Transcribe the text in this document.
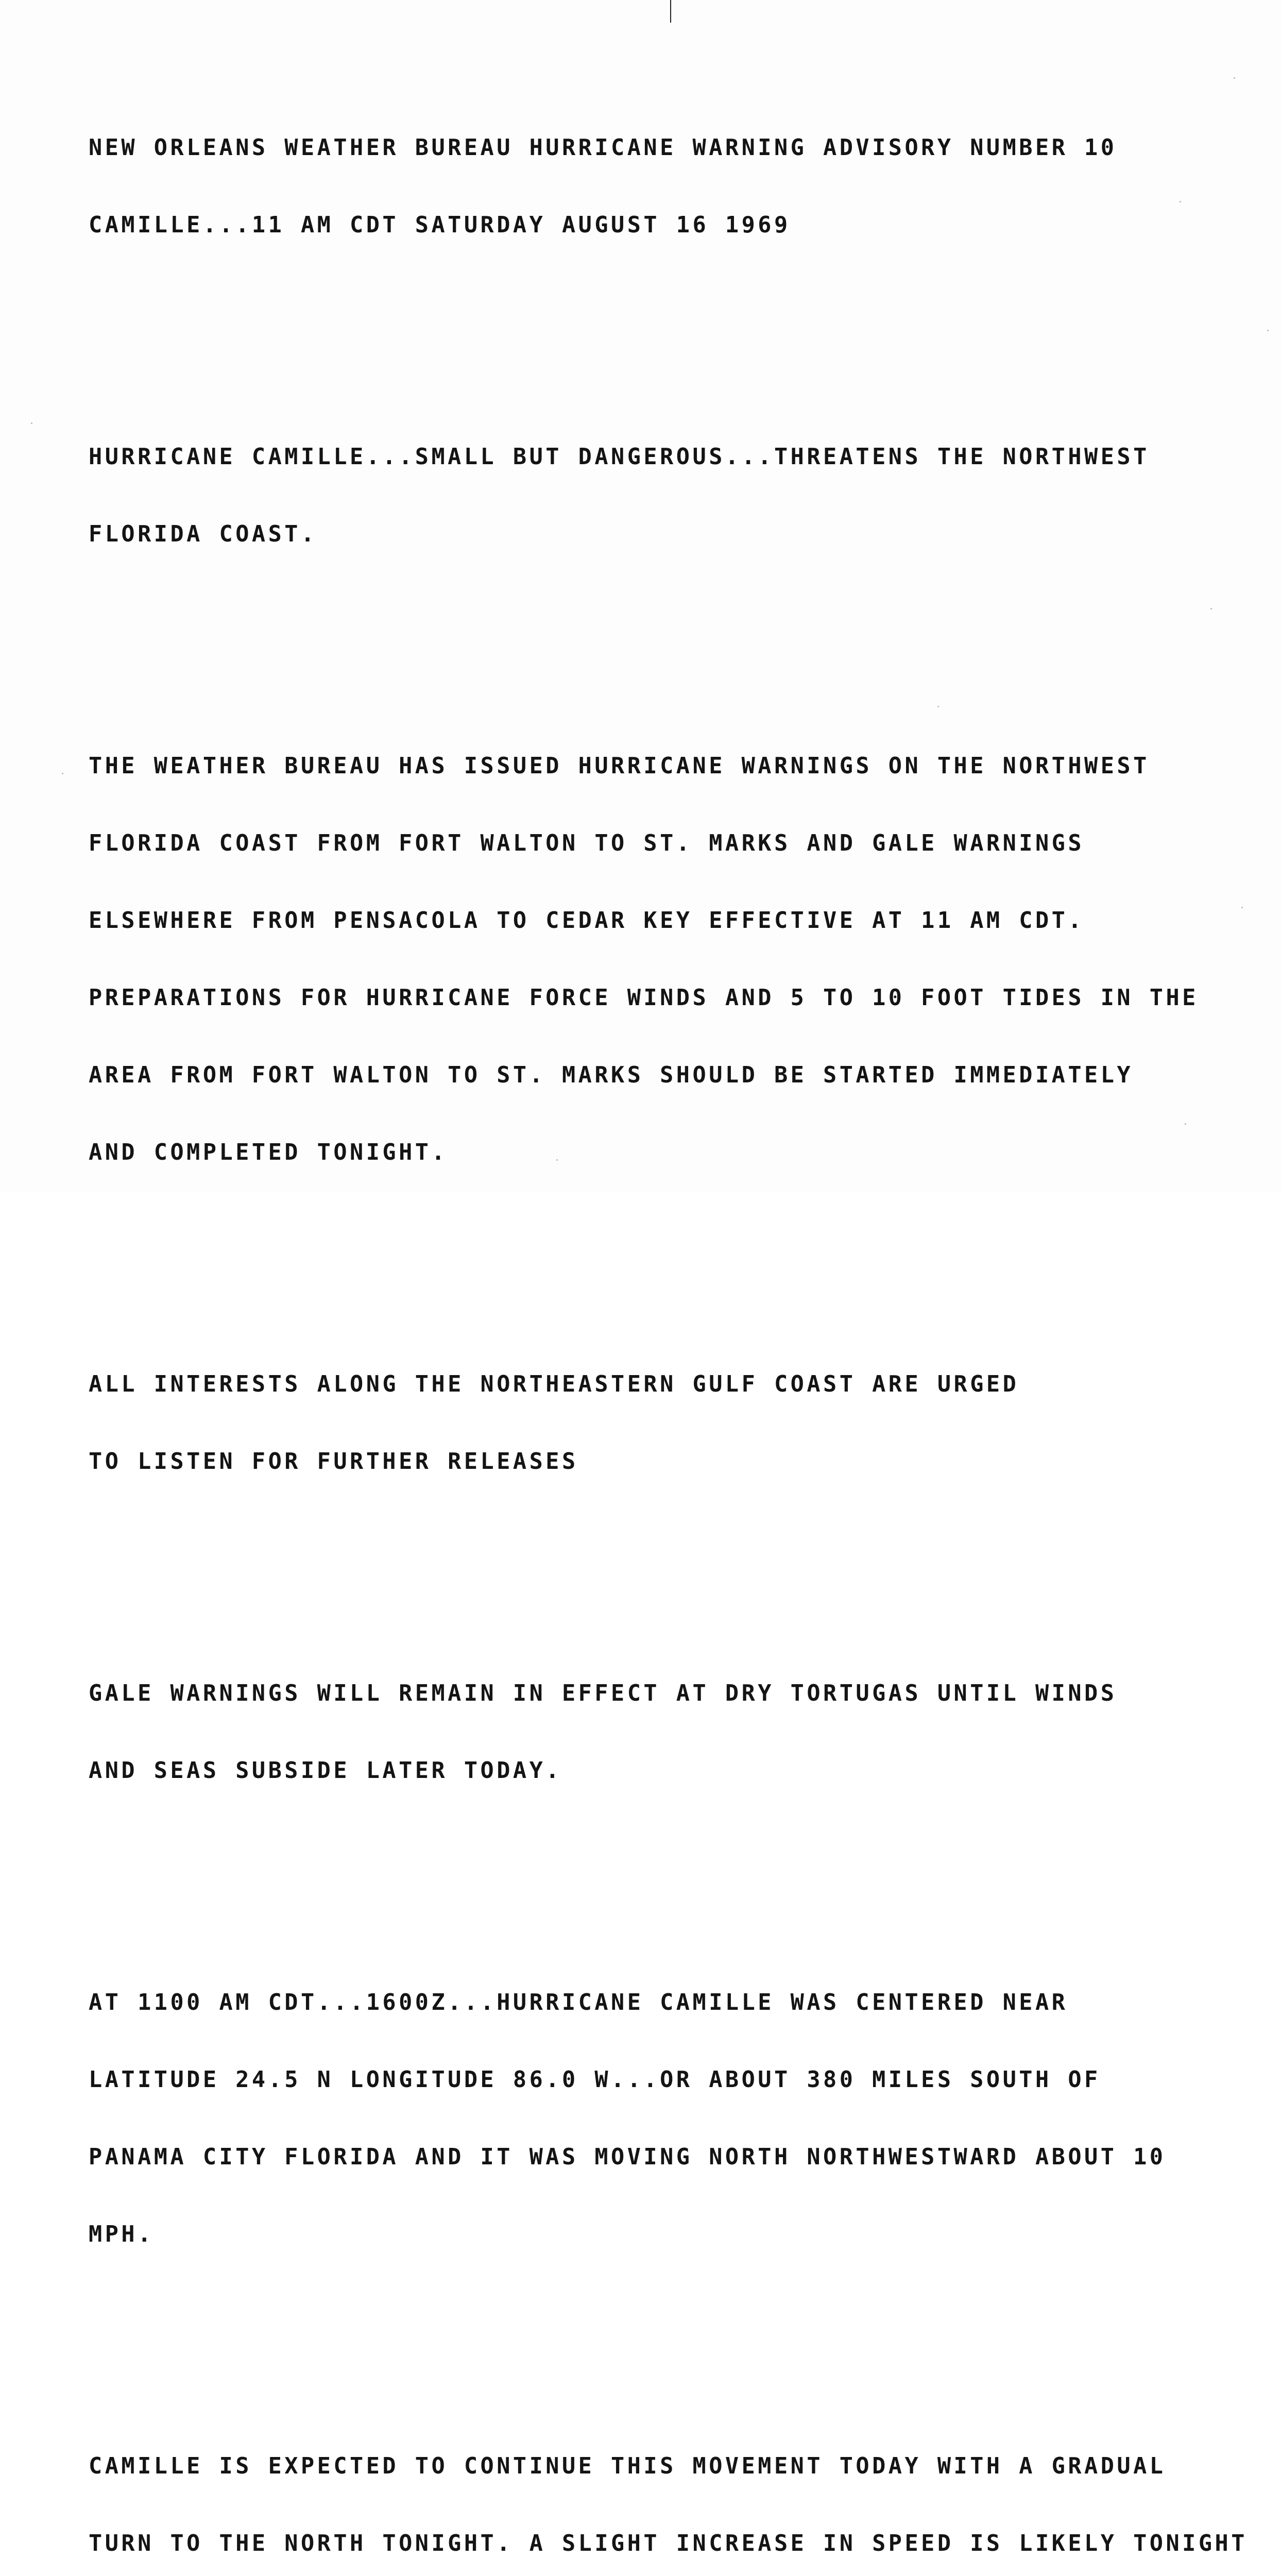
NEW ORLEANS WEATHER BUREAU HURRICANE WARNING ADVISORY NUMBER 10

CAMILLE...11 AM CDT SATURDAY AUGUST 16 1969

HURRICANE CAMILLE...SMALL BUT DANGEROUS...THREATENS THE NORTHWEST

FLORIDA COAST.

THE WEATHER BUREAU HAS ISSUED HURRICANE WARNINGS ON THE NORTHWEST

FLORIDA COAST FROM FORT WALTON TO ST. MARKS AND GALE WARNINGS

ELSEWHERE FROM PENSACOLA TO CEDAR KEY EFFECTIVE AT 11 AM CDT.

PREPARATIONS FOR HURRICANE FORCE WINDS AND 5 TO 10 FOOT TIDES IN THE

AREA FROM FORT WALTON TO ST. MARKS SHOULD BE STARTED IMMEDIATELY

AND COMPLETED TONIGHT.

ALL INTERESTS ALONG THE NORTHEASTERN GULF COAST ARE URGED

TO LISTEN FOR FURTHER RELEASES

GALE WARNINGS WILL REMAIN IN EFFECT AT DRY TORTUGAS UNTIL WINDS

AND SEAS SUBSIDE LATER TODAY.

AT 1100 AM CDT...1600Z...HURRICANE CAMILLE WAS CENTERED NEAR

LATITUDE 24.5 N LONGITUDE 86.0 W...OR ABOUT 380 MILES SOUTH OF

PANAMA CITY FLORIDA AND IT WAS MOVING NORTH NORTHWESTWARD ABOUT 10

MPH.

CAMILLE IS EXPECTED TO CONTINUE THIS MOVEMENT TODAY WITH A GRADUAL

TURN TO THE NORTH TONIGHT. A SLIGHT INCREASE IN SPEED IS LIKELY TONIGHT
